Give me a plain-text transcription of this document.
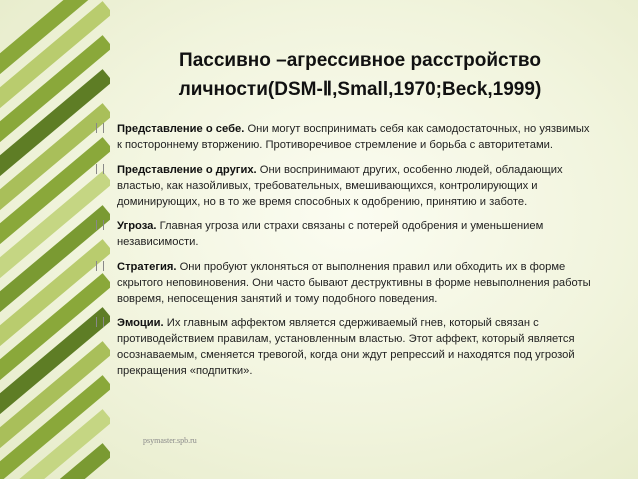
Пассивно –агрессивное расстройство
личности(DSM-Ⅱ,Small,1970;Beck,1999)
Представление о себе. Они могут воспринимать себя как самодостаточных, но уязвимых к постороннему вторжению. Противоречивое стремление и борьба с авторитетами.
Представление о других. Они воспринимают других, особенно людей, обладающих властью, как назойливых, требовательных, вмешивающихся, контролирующих и доминирующих, но в то же время способных к одобрению, принятию и заботе.
Угроза. Главная угроза или страхи связаны с потерей одобрения и уменьшением независимости.
Стратегия. Они пробуют уклоняться от выполнения правил или обходить их в форме скрытого неповиновения. Они часто бывают деструктивны в форме невыполнения работы вовремя, непосещения занятий и тому подобного поведения.
Эмоции. Их главным аффектом является сдерживаемый гнев, который связан с противодействием правилам, установленным властью. Этот аффект, который является осознаваемым, сменяется тревогой, когда они ждут репрессий и находятся под угрозой прекращения «подпитки».
psymaster.spb.ru
